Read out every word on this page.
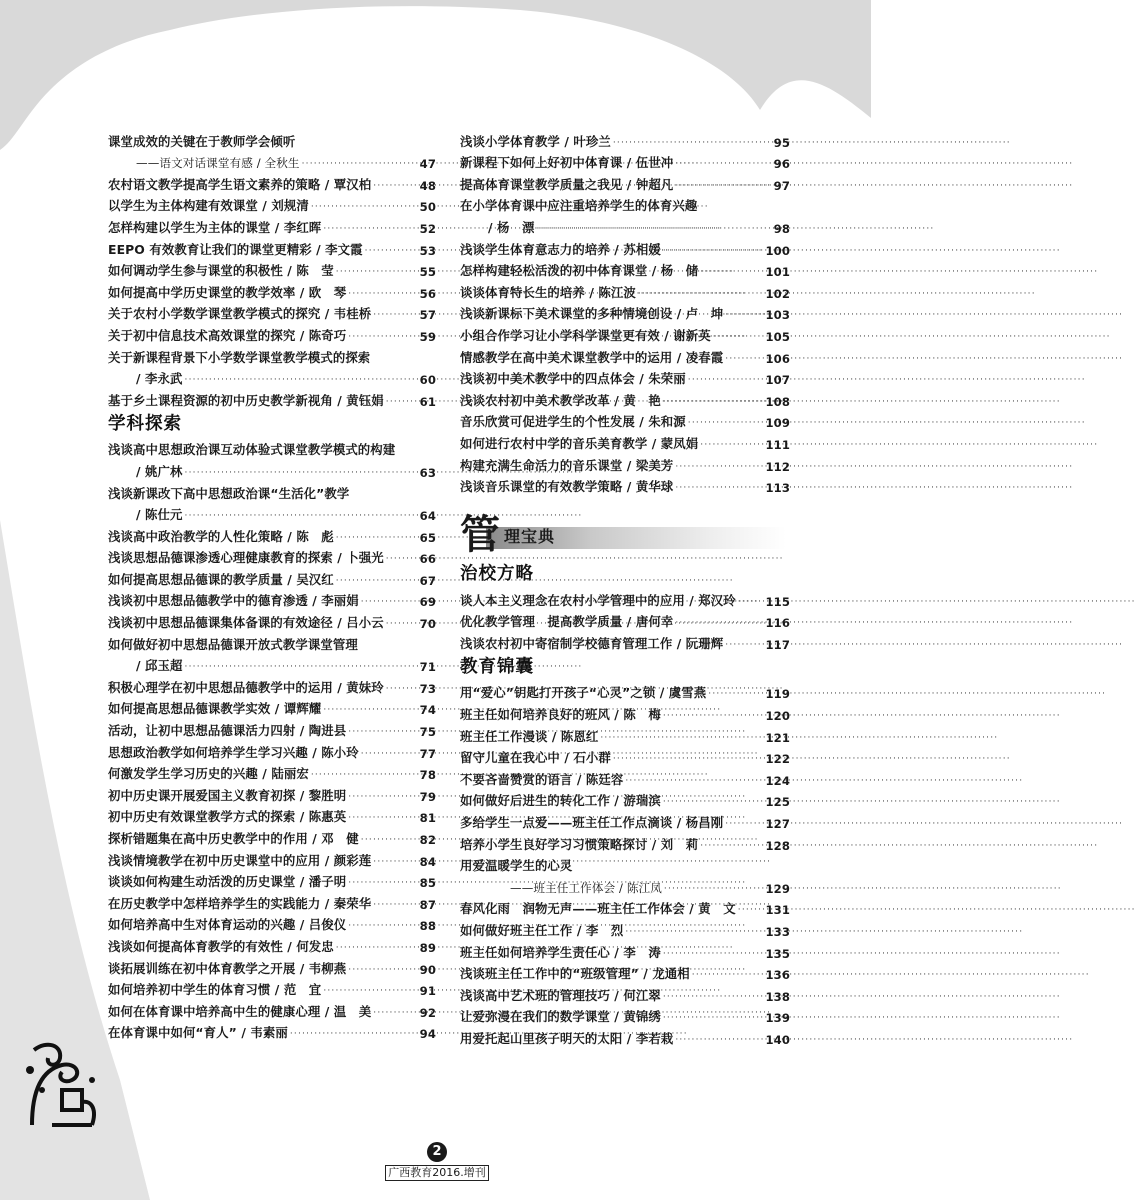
课堂成效的关键在于教师学会倾听
——语文对话课堂有感 / 全秋生 ·····	47
农村语文教学提高学生语文素养的策略 / 覃汉柏 ·····	48
以学生为主体构建有效课堂 / 刘规清 ·····	50
怎样构建以学生为主体的课堂 / 李红晖 ·····	52
EEPO 有效教育让我们的课堂更精彩 / 李文霞 ·····	53
如何调动学生参与课堂的积极性 / 陈　莹 ·····	55
如何提高中学历史课堂的教学效率 / 欧　琴 ·····	56
关于农村小学数学课堂教学模式的探究 / 韦桂桥 ·····	57
关于初中信息技术高效课堂的探究 / 陈奇巧 ·····	59
关于新课程背景下小学数学课堂教学模式的探索
/ 李永武 ·····	60
基于乡土课程资源的初中历史教学新视角 / 黄钰娟 ·····	61
学科探索
浅谈高中思想政治课互动体验式课堂教学模式的构建
/ 姚广林 ·····	63
浅谈新课改下高中思想政治课“生活化”教学
/ 陈仕元 ·····	64
浅谈高中政治教学的人性化策略 / 陈　彪 ·····	65
浅谈思想品德课渗透心理健康教育的探索 / 卜强光 ·····	66
如何提高思想品德课的教学质量 / 吴汉红 ·····	67
浅谈初中思想品德教学中的德育渗透 / 李丽娟 ·····	69
浅谈初中思想品德课集体备课的有效途径 / 吕小云 ·····	70
如何做好初中思想品德课开放式教学课堂管理
/ 邱玉超 ·····	71
积极心理学在初中思想品德教学中的运用 / 黄妹玲 ·····	73
如何提高思想品德课教学实效 / 谭辉耀 ·····	74
活动，让初中思想品德课活力四射 / 陶进县 ·····	75
思想政治教学如何培养学生学习兴趣 / 陈小玲 ·····	77
何激发学生学习历史的兴趣 / 陆丽宏 ·····	78
初中历史课开展爱国主义教育初探 / 黎胜明 ·····	79
初中历史有效课堂教学方式的探索 / 陈惠英 ·····	81
探析错题集在高中历史教学中的作用 / 邓　健 ·····	82
浅谈情境教学在初中历史课堂中的应用 / 颜彩莲 ·····	84
谈谈如何构建生动活泼的历史课堂 / 潘子明 ·····	85
在历史教学中怎样培养学生的实践能力 / 秦荣华 ·····	87
如何培养高中生对体育运动的兴趣 / 吕俊仪 ·····	88
浅谈如何提高体育教学的有效性 / 何发忠 ·····	89
谈拓展训练在初中体育教学之开展 / 韦柳燕 ·····	90
如何培养初中学生的体育习惯 / 范　宜 ·····	91
如何在体育课中培养高中生的健康心理 / 温　美 ·····	92
在体育课中如何“育人” / 韦素丽 ·····	94
浅谈小学体育教学 / 叶珍兰 ·····	95
新课程下如何上好初中体育课 / 伍世冲 ·····	96
提高体育课堂教学质量之我见 / 钟超凡 ·····	97
在小学体育课中应注重培养学生的体育兴趣
/ 杨　漂 ·····	98
浅谈学生体育意志力的培养 / 苏相媛 ·····	100
怎样构建轻松活泼的初中体育课堂 / 杨　储 ·····	101
谈谈体育特长生的培养 / 陈江波 ·····	102
浅谈新课标下美术课堂的多种情境创设 / 卢　坤 ·····	103
小组合作学习让小学科学课堂更有效 / 谢新英 ·····	105
情感教学在高中美术课堂教学中的运用 / 凌春霞 ·····	106
浅谈初中美术教学中的四点体会 / 朱荣丽 ·····	107
浅谈农村初中美术教学改革 / 黄　艳 ·····	108
音乐欣赏可促进学生的个性发展 / 朱和源 ·····	109
如何进行农村中学的音乐美育教学 / 蒙凤娟 ·····	111
构建充满生命活力的音乐课堂 / 梁美芳 ·····	112
浅谈音乐课堂的有效教学策略 / 黄华球 ·····	113
管 理宝典
治校方略
谈人本主义理念在农村小学管理中的应用 / 郑汉玲 ·····	115
优化教学管理　提高教学质量 / 唐何幸 ·····	116
浅谈农村初中寄宿制学校德育管理工作 / 阮珊辉 ·····	117
教育锦囊
用“爱心”钥匙打开孩子“心灵”之锁 / 虞雪燕 ·····	119
班主任如何培养良好的班风 / 陈　梅 ·····	120
班主任工作漫谈 / 陈恩红 ·····	121
留守儿童在我心中 / 石小群 ·····	122
不要吝啬赞赏的语言 / 陈廷容 ·····	124
如何做好后进生的转化工作 / 游瑞滨 ·····	125
多给学生一点爱——班主任工作点滴谈 / 杨昌刚 ·····	127
培养小学生良好学习习惯策略探讨 / 刘　莉 ·····	128
用爱温暖学生的心灵
——班主任工作体会 / 陈江凤 ·····	129
春风化雨　润物无声——班主任工作体会 / 黄　文 ·····	131
如何做好班主任工作 / 李　烈 ·····	133
班主任如何培养学生责任心 / 李　涛 ·····	135
浅谈班主任工作中的“班级管理” / 龙通相 ·····	136
浅谈高中艺术班的管理技巧 / 何江翠 ·····	138
让爱弥漫在我们的数学课堂 / 黄锦绣 ·····	139
用爱托起山里孩子明天的太阳 / 李若栽 ·····	140
2
广西教育2016.增刊
